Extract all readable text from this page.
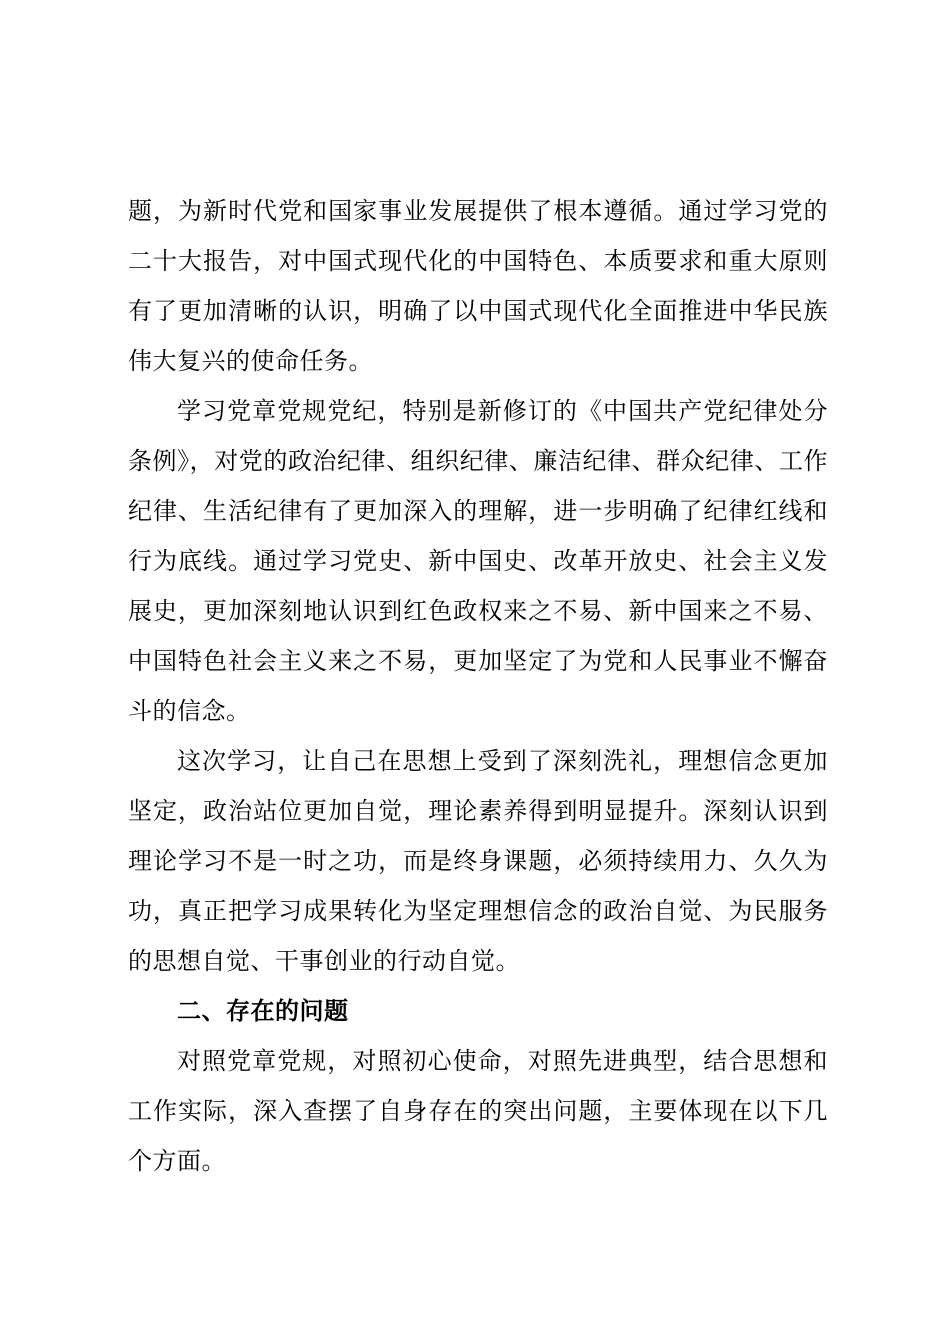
题，为新时代党和国家事业发展提供了根本遵循。通过学习党的二十大报告，对中国式现代化的中国特色、本质要求和重大原则有了更加清晰的认识，明确了以中国式现代化全面推进中华民族伟大复兴的使命任务。

学习党章党规党纪，特别是新修订的《中国共产党纪律处分条例》，对党的政治纪律、组织纪律、廉洁纪律、群众纪律、工作纪律、生活纪律有了更加深入的理解，进一步明确了纪律红线和行为底线。通过学习党史、新中国史、改革开放史、社会主义发展史，更加深刻地认识到红色政权来之不易、新中国来之不易、中国特色社会主义来之不易，更加坚定了为党和人民事业不懈奋斗的信念。

这次学习，让自己在思想上受到了深刻洗礼，理想信念更加坚定，政治站位更加自觉，理论素养得到明显提升。深刻认识到理论学习不是一时之功，而是终身课题，必须持续用力、久久为功，真正把学习成果转化为坚定理想信念的政治自觉、为民服务的思想自觉、干事创业的行动自觉。

二、存在的问题

对照党章党规，对照初心使命，对照先进典型，结合思想和工作实际，深入查摆了自身存在的突出问题，主要体现在以下几个方面。
